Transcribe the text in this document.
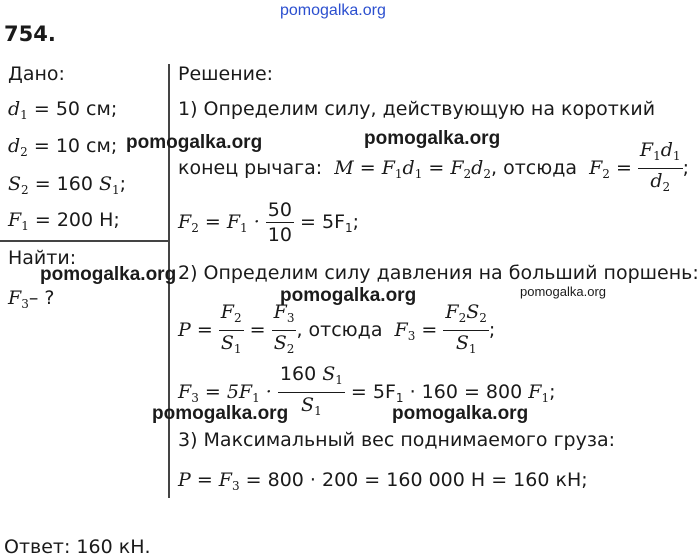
pomogalka.org
754.
Дано:
$d_1 = 50$ см;
$d_2 = 10$ см;
$S_2 = 160$ $S_1$;
$F_1 = 200$ Н;
Найти:
$F_3-$ ?
Решение:
1) Определим силу, действующую на короткий
конец рычага:  $M = F_1d_1 = F_2d_2$, отсюда  $F_2 = \frac{F_1d_1}{d_2}$ ;
$F_2 = F_1 \cdot \frac{50}{10} = 5F_1$;
2) Определим силу давления на больший поршень:
$P = \frac{F_2}{S_1} = \frac{F_3}{S_2}$ , отсюда  $F_3 = \frac{F_2S_2}{S_1}$ ;
$F_3 = 5F_1 \cdot \frac{160 S_1}{S_1} = 5F_1 \cdot 160 = 800$ $F_1$;
3) Максимальный вес поднимаемого груза:
$P = F_3 = 800 \cdot 200 = 160$ 000 Н = 160 кН;
Ответ: 160 кН.
pomogalka.org	pomogalka.org
pomogalka.org
pomogalka.org	pomogalka.org
pomogalka.org	pomogalka.org
